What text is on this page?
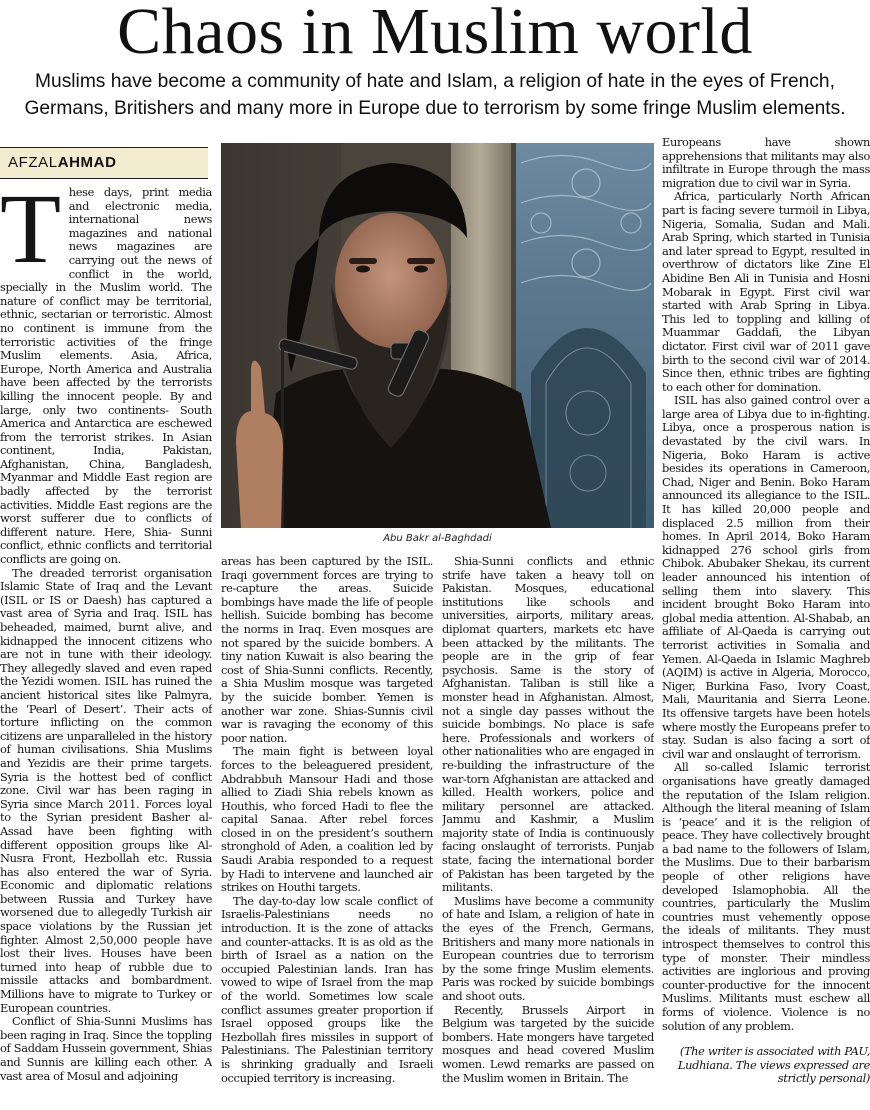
Chaos in Muslim world
Muslims have become a community of hate and Islam, a religion of hate in the eyes of French, Germans, Britishers and many more in Europe due to terrorism by some fringe Muslim elements.
AFZALAHMAD

These days, print media and electronic media, international news magazines and national news magazines are carrying out the news of conflict in the world, specially in the Muslim world. The nature of conflict may be territorial, ethnic, sectarian or terroristic. Almost no continent is immune from the terroristic activities of the fringe Muslim elements. Asia, Africa, Europe, North America and Australia have been affected by the terrorists killing the innocent people. By and large, only two continents- South America and Antarctica are eschewed from the terrorist strikes. In Asian continent, India, Pakistan, Afghanistan, China, Bangladesh, Myanmar and Middle East region are badly affected by the terrorist activities. Middle East regions are the worst sufferer due to conflicts of different nature. Here, Shia- Sunni conflict, ethnic conflicts and territorial conflicts are going on.

The dreaded terrorist organisation Islamic State of Iraq and the Levant (ISIL or IS or Daesh) has captured a vast area of Syria and Iraq. ISIL has beheaded, maimed, burnt alive, and kidnapped the innocent citizens who are not in tune with their ideology. They allegedly slaved and even raped the Yezidi women. ISIL has ruined the ancient historical sites like Palmyra, the ‘Pearl of Desert’. Their acts of torture inflicting on the common citizens are unparalleled in the history of human civilisations. Shia Muslims and Yezidis are their prime targets. Syria is the hottest bed of conflict zone. Civil war has been raging in Syria since March 2011. Forces loyal to the Syrian president Basher al-Assad have been fighting with different opposition groups like Al-Nusra Front, Hezbollah etc. Russia has also entered the war of Syria. Economic and diplomatic relations between Russia and Turkey have worsened due to allegedly Turkish air space violations by the Russian jet fighter. Almost 2,50,000 people have lost their lives. Houses have been turned into heap of rubble due to missile attacks and bombardment. Millions have to migrate to Turkey or European countries.

Conflict of Shia-Sunni Muslims has been raging in Iraq. Since the toppling of Saddam Hussein government, Shias and Sunnis are killing each other. A vast area of Mosul and adjoining

Abu Bakr al-Baghdadi

areas has been captured by the ISIL. Iraqi government forces are trying to re-capture the areas. Suicide bombings have made the life of people hellish. Suicide bombing has become the norms in Iraq. Even mosques are not spared by the suicide bombers. A tiny nation Kuwait is also bearing the cost of Shia-Sunni conflicts. Recently, a Shia Muslim mosque was targeted by the suicide bomber. Yemen is another war zone. Shias-Sunnis civil war is ravaging the economy of this poor nation.

The main fight is between loyal forces to the beleaguered president, Abdrabbuh Mansour Hadi and those allied to Ziadi Shia rebels known as Houthis, who forced Hadi to flee the capital Sanaa. After rebel forces closed in on the president’s southern stronghold of Aden, a coalition led by Saudi Arabia responded to a request by Hadi to intervene and launched air strikes on Houthi targets.

The day-to-day low scale conflict of Israelis-Palestinians needs no introduction. It is the zone of attacks and counter-attacks. It is as old as the birth of Israel as a nation on the occupied Palestinian lands. Iran has vowed to wipe of Israel from the map of the world. Sometimes low scale conflict assumes greater proportion if Israel opposed groups like the Hezbollah fires missiles in support of Palestinians. The Palestinian territory is shrinking gradually and Israeli occupied territory is increasing.

Shia-Sunni conflicts and ethnic strife have taken a heavy toll on Pakistan. Mosques, educational institutions like schools and universities, airports, military areas, diplomat quarters, markets etc have been attacked by the militants. The people are in the grip of fear psychosis. Same is the story of Afghanistan. Taliban is still like a monster head in Afghanistan. Almost, not a single day passes without the suicide bombings. No place is safe here. Professionals and workers of other nationalities who are engaged in re-building the infrastructure of the war-torn Afghanistan are attacked and killed. Health workers, police and military personnel are attacked. Jammu and Kashmir, a Muslim majority state of India is continuously facing onslaught of terrorists. Punjab state, facing the international border of Pakistan has been targeted by the militants.

Muslims have become a community of hate and Islam, a religion of hate in the eyes of the French, Germans, Britishers and many more nationals in European countries due to terrorism by the some fringe Muslim elements. Paris was rocked by suicide bombings and shoot outs.

Recently, Brussels Airport in Belgium was targeted by the suicide bombers. Hate mongers have targeted mosques and head covered Muslim women. Lewd remarks are passed on the Muslim women in Britain. The

Europeans have shown apprehensions that militants may also infiltrate in Europe through the mass migration due to civil war in Syria.

Africa, particularly North African part is facing severe turmoil in Libya, Nigeria, Somalia, Sudan and Mali. Arab Spring, which started in Tunisia and later spread to Egypt, resulted in overthrow of dictators like Zine El Abidine Ben Ali in Tunisia and Hosni Mobarak in Egypt. First civil war started with Arab Spring in Libya. This led to toppling and killing of Muammar Gaddafi, the Libyan dictator. First civil war of 2011 gave birth to the second civil war of 2014. Since then, ethnic tribes are fighting to each other for domination.

ISIL has also gained control over a large area of Libya due to in-fighting. Libya, once a prosperous nation is devastated by the civil wars. In Nigeria, Boko Haram is active besides its operations in Cameroon, Chad, Niger and Benin. Boko Haram announced its allegiance to the ISIL. It has killed 20,000 people and displaced 2.5 million from their homes. In April 2014, Boko Haram kidnapped 276 school girls from Chibok. Abubaker Shekau, its current leader announced his intention of selling them into slavery. This incident brought Boko Haram into global media attention. Al-Shabab, an affiliate of Al-Qaeda is carrying out terrorist activities in Somalia and Yemen. Al-Qaeda in Islamic Maghreb (AQIM) is active in Algeria, Morocco, Niger, Burkina Faso, Ivory Coast, Mali, Mauritania and Sierra Leone. Its offensive targets have been hotels where mostly the Europeans prefer to stay. Sudan is also facing a sort of civil war and onslaught of terrorism.

All so-called Islamic terrorist organisations have greatly damaged the reputation of the Islam religion. Although the literal meaning of Islam is ‘peace’ and it is the religion of peace. They have collectively brought a bad name to the followers of Islam, the Muslims. Due to their barbarism people of other religions have developed Islamophobia. All the countries, particularly the Muslim countries must vehemently oppose the ideals of militants. They must introspect themselves to control this type of monster. Their mindless activities are inglorious and proving counter-productive for the innocent Muslims. Militants must eschew all forms of violence. Violence is no solution of any problem.

(The writer is associated with PAU, Ludhiana. The views expressed are strictly personal)
